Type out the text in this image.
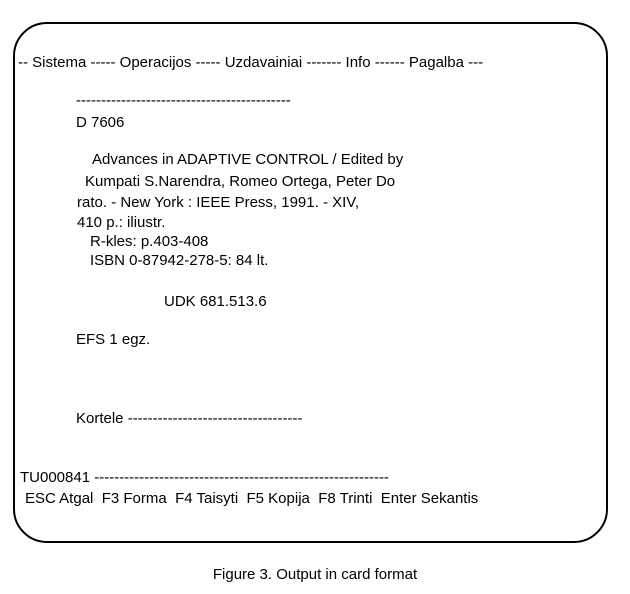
-- Sistema ----- Operacijos ----- Uzdavainiai ------- Info ------ Pagalba ---
-------------------------------------------
D 7606
Advances in ADAPTIVE CONTROL / Edited by
Kumpati S.Narendra, Romeo Ortega, Peter Do
rato. - New York : IEEE Press, 1991. - XIV,
410 p.: iliustr.
R-kles: p.403-408
ISBN 0-87942-278-5: 84 lt.
UDK 681.513.6
EFS 1 egz.
Kortele -----------------------------------
TU000841 -----------------------------------------------------------
ESC Atgal F3 Forma F4 Taisyti F5 Kopija F8 Trinti Enter Sekantis
Figure 3. Output in card format
